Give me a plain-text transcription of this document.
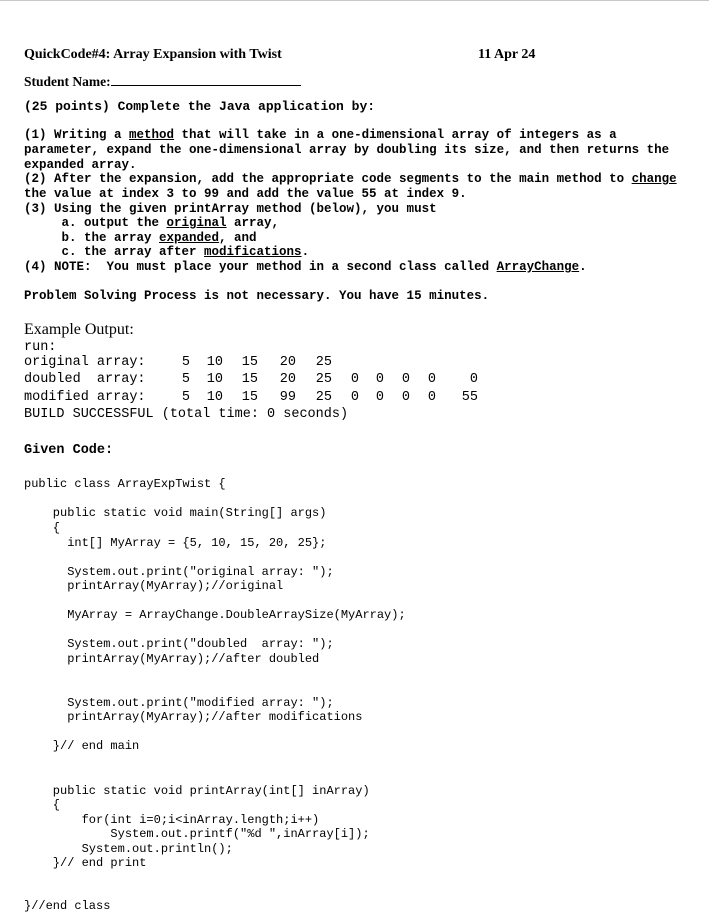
QuickCode#4: Array Expansion with Twist	11 Apr 24
Student Name:
(25 points) Complete the Java application by:
(1) Writing a method that will take in a one-dimensional array of integers as a
parameter, expand the one-dimensional array by doubling its size, and then returns the
expanded array.
(2) After the expansion, add the appropriate code segments to the main method to change
the value at index 3 to 99 and add the value 55 at index 9.
(3) Using the given printArray method (below), you must
a. output the original array,
b. the array expanded, and
c. the array after modifications.
(4) NOTE:  You must place your method in a second class called ArrayChange.
Problem Solving Process is not necessary. You have 15 minutes.
Example Output:
run:
original array:	5	10	15	20	25
doubled  array:	5	10	15	20	25	0	0	0	0	0
modified array:	5	10	15	99	25	0	0	0	0	55
BUILD SUCCESSFUL (total time: 0 seconds)
Given Code:
public class ArrayExpTwist {
public static void main(String[] args)
{
int[] MyArray = {5, 10, 15, 20, 25};
System.out.print("original array: ");
printArray(MyArray);//original
MyArray = ArrayChange.DoubleArraySize(MyArray);
System.out.print("doubled  array: ");
printArray(MyArray);//after doubled
System.out.print("modified array: ");
printArray(MyArray);//after modifications
}// end main
public static void printArray(int[] inArray)
{
for(int i=0;i<inArray.length;i++)
System.out.printf("%d ",inArray[i]);
System.out.println();
}// end print
}//end class
